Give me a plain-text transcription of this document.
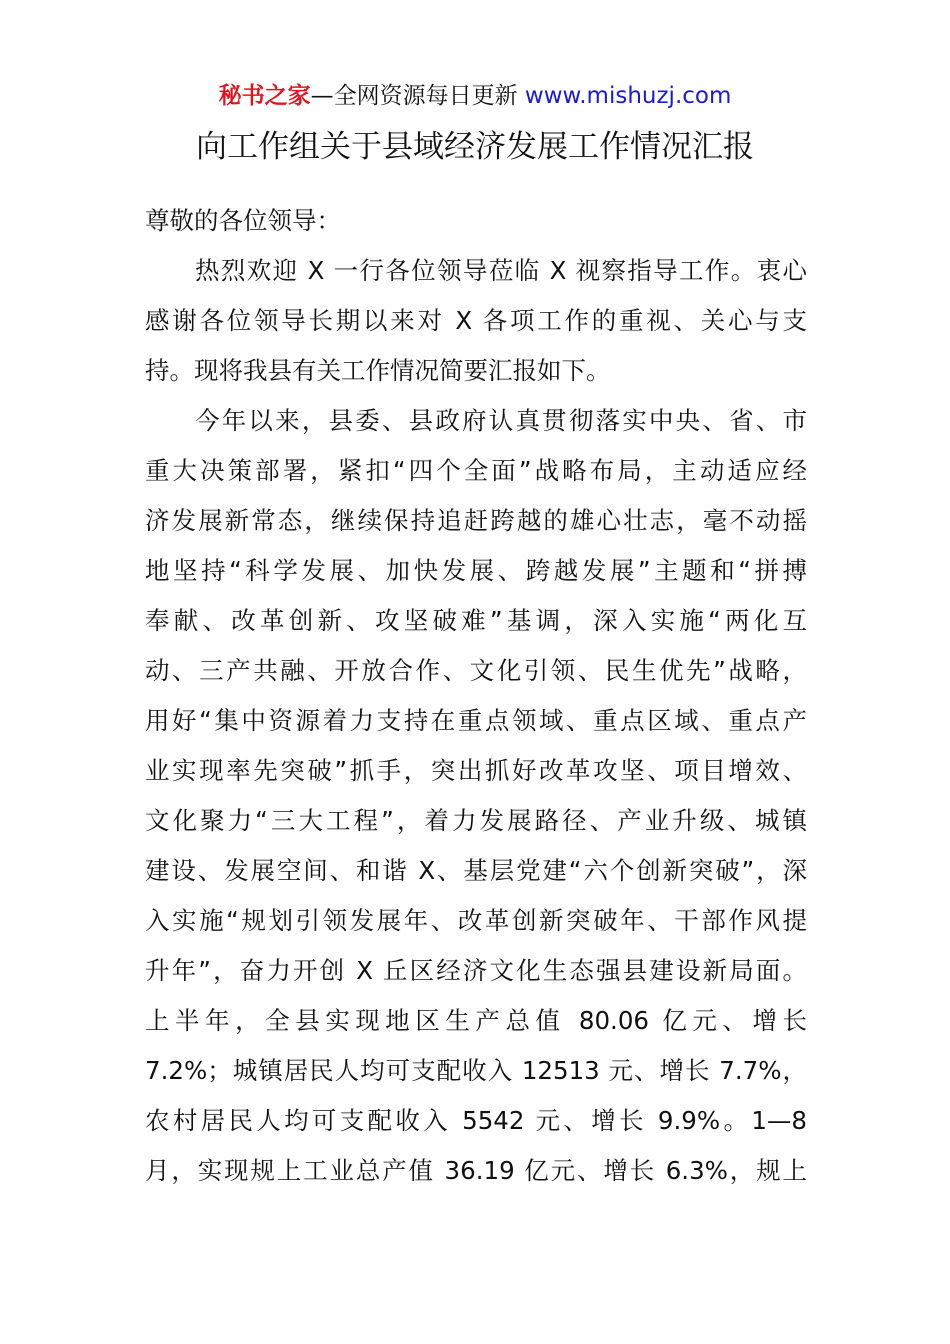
秘书之家—全网资源每日更新 www.mishuzj.com
向工作组关于县域经济发展工作情况汇报
尊敬的各位领导：
热烈欢迎 X 一行各位领导莅临 X 视察指导工作。衷心
感谢各位领导长期以来对 X 各项工作的重视、关心与支
持。现将我县有关工作情况简要汇报如下。
今年以来，县委、县政府认真贯彻落实中央、省、市
重大决策部署，紧扣“四个全面”战略布局，主动适应经
济发展新常态，继续保持追赶跨越的雄心壮志，毫不动摇
地坚持“科学发展、加快发展、跨越发展”主题和“拼搏
奉献、改革创新、攻坚破难”基调，深入实施“两化互
动、三产共融、开放合作、文化引领、民生优先”战略，
用好“集中资源着力支持在重点领域、重点区域、重点产
业实现率先突破”抓手，突出抓好改革攻坚、项目增效、
文化聚力“三大工程”，着力发展路径、产业升级、城镇
建设、发展空间、和谐 X、基层党建“六个创新突破”，深
入实施“规划引领发展年、改革创新突破年、干部作风提
升年”，奋力开创 X 丘区经济文化生态强县建设新局面。
上半年，全县实现地区生产总值 80.06 亿元、增长
7.2%；城镇居民人均可支配收入 12513 元、增长 7.7%，
农村居民人均可支配收入 5542 元、增长 9.9%。1—8
月，实现规上工业总产值 36.19 亿元、增长 6.3%，规上
